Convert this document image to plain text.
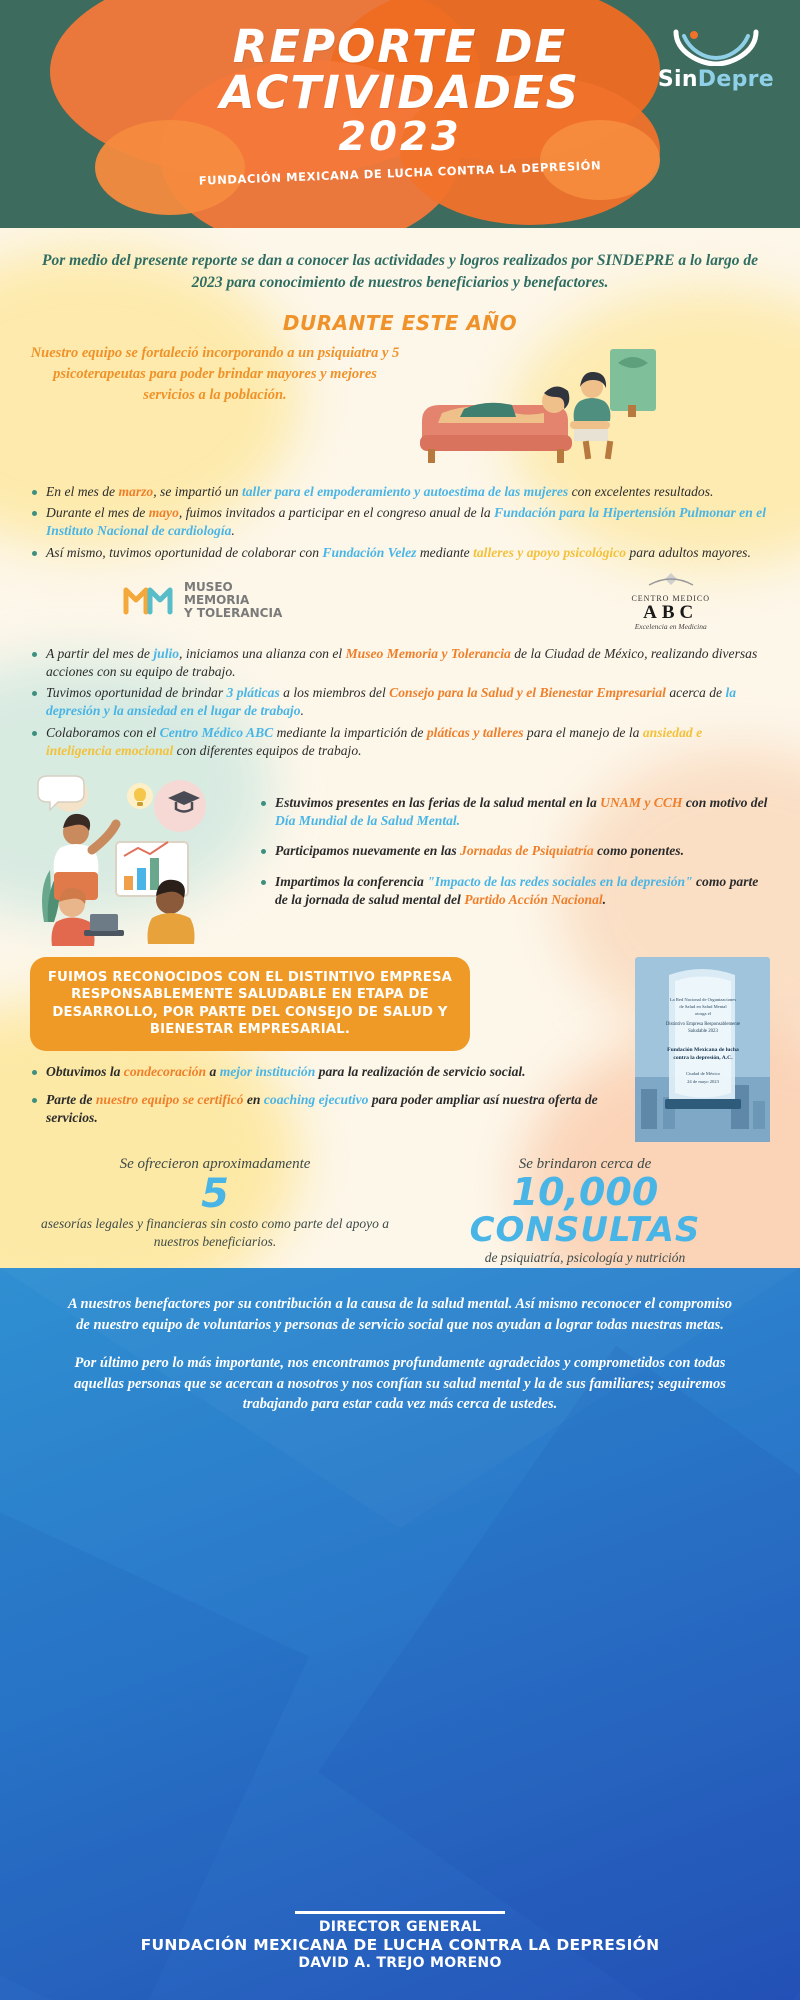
REPORTE DE
ACTIVIDADES
2023
FUNDACIÓN MEXICANA DE LUCHA CONTRA LA DEPRESIÓN
SinDepre

Por medio del presente reporte se dan a conocer las actividades y logros realizados por SINDEPRE a lo largo de 2023 para conocimiento de nuestros beneficiarios y benefactores.

DURANTE ESTE AÑO
Nuestro equipo se fortaleció incorporando a un psiquiatra y 5 psicoterapeutas para poder brindar mayores y mejores servicios a la población.
En el mes de marzo, se impartió un taller para el empoderamiento y autoestima de las mujeres con excelentes resultados.
Durante el mes de mayo, fuimos invitados a participar en el congreso anual de la Fundación para la Hipertensión Pulmonar en el Instituto Nacional de cardiología.
Así mismo, tuvimos oportunidad de colaborar con Fundación Velez mediante talleres y apoyo psicológico para adultos mayores.
MUSEO
MEMORIA
Y TOLERANCIA
CENTRO MEDICO
ABC
Excelencia en Medicina
A partir del mes de julio, iniciamos una alianza con el Museo Memoria y Tolerancia de la Ciudad de México, realizando diversas acciones con su equipo de trabajo.
Tuvimos oportunidad de brindar 3 pláticas a los miembros del Consejo para la Salud y el Bienestar Empresarial acerca de la depresión y la ansiedad en el lugar de trabajo.
Colaboramos con el Centro Médico ABC mediante la impartición de pláticas y talleres para el manejo de la ansiedad e inteligencia emocional con diferentes equipos de trabajo.
Estuvimos presentes en las ferias de la salud mental en la UNAM y CCH con motivo del Día Mundial de la Salud Mental.
Participamos nuevamente en las Jornadas de Psiquiatría como ponentes.
Impartimos la conferencia "Impacto de las redes sociales en la depresión" como parte de la jornada de salud mental del Partido Acción Nacional.
FUIMOS RECONOCIDOS CON EL DISTINTIVO EMPRESA RESPONSABLEMENTE SALUDABLE EN ETAPA DE DESARROLLO, POR PARTE DEL CONSEJO DE SALUD Y BIENESTAR EMPRESARIAL.
Obtuvimos la condecoración a mejor institución para la realización de servicio social.
Parte de nuestro equipo se certificó en coaching ejecutivo para poder ampliar así nuestra oferta de servicios.
La Red Nacional de Organizaciones
de Salud en Salud Mental
otorga el
Distintivo Empresa Responsablemente
Saludable 2023
Fundación Mexicana de lucha
contra la depresión, A.C.
Ciudad de México
24 de mayo 2023
Se ofrecieron aproximadamente
5
asesorías legales y financieras sin costo como parte del apoyo a nuestros beneficiarios.
Se brindaron cerca de
10,000
CONSULTAS
de psiquiatría, psicología y nutrición

A nuestros benefactores por su contribución a la causa de la salud mental. Así mismo reconocer el compromiso de nuestro equipo de voluntarios y personas de servicio social que nos ayudan a lograr todas nuestras metas.

Por último pero lo más importante, nos encontramos profundamente agradecidos y comprometidos con todas aquellas personas que se acercan a nosotros y nos confían su salud mental y la de sus familiares; seguiremos trabajando para estar cada vez más cerca de ustedes.

DIRECTOR GENERAL
FUNDACIÓN MEXICANA DE LUCHA CONTRA LA DEPRESIÓN
DAVID A. TREJO MORENO
